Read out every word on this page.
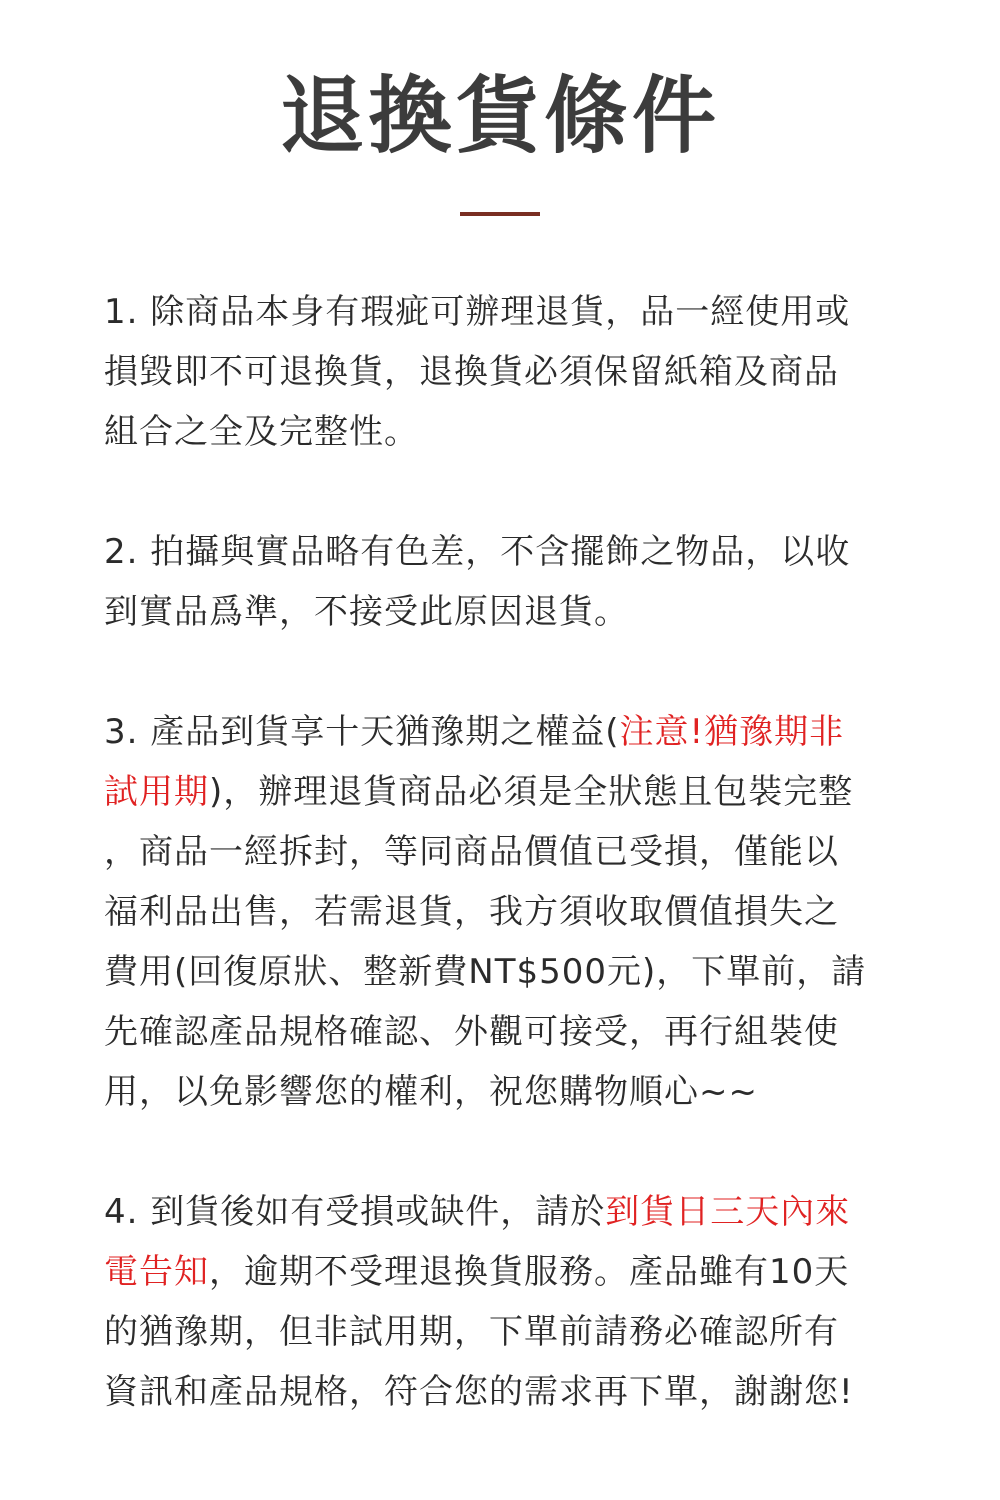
退換貨條件

1. 除商品本身有瑕疵可辦理退貨，品一經使用或
損毀即不可退換貨，退換貨必須保留紙箱及商品
組合之全及完整性。

2. 拍攝與實品略有色差，不含擺飾之物品，以收
到實品爲準，不接受此原因退貨。

3. 產品到貨享十天猶豫期之權益(注意!猶豫期非
試用期)，辦理退貨商品必須是全狀態且包裝完整
，商品一經拆封，等同商品價值已受損，僅能以
福利品出售，若需退貨，我方須收取價值損失之
費用(回復原狀、整新費NT$500元)，下單前，請
先確認產品規格確認、外觀可接受，再行組裝使
用，以免影響您的權利，祝您購物順心~~

4. 到貨後如有受損或缺件，請於到貨日三天內來
電告知，逾期不受理退換貨服務。產品雖有10天
的猶豫期，但非試用期，下單前請務必確認所有
資訊和產品規格，符合您的需求再下單，謝謝您!
